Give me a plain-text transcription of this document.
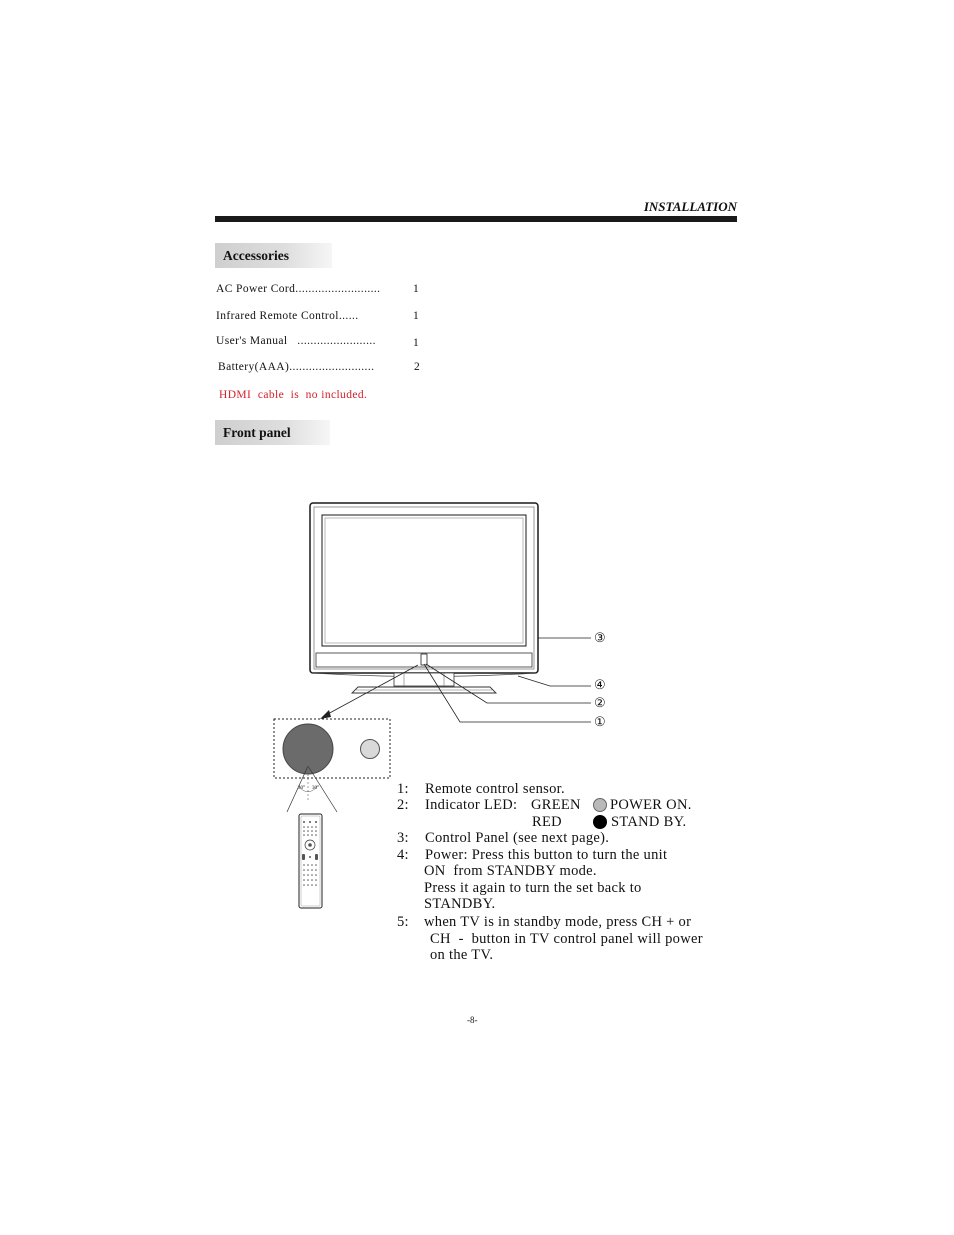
INSTALLATION
Accessories
AC Power Cord..........................	1
Infrared Remote Control......	1
User's Manual   ........................	1
Battery(AAA)..........................	2
HDMI  cable  is  no included.
Front panel
30° 30°
③
④
②
①
1: Remote control sensor.
2: Indicator LED: GREEN POWER ON.
RED	STAND BY.
3: Control Panel (see next page).
4: Power: Press this button to turn the unit
ON  from STANDBY mode.
Press it again to turn the set back to
STANDBY.
5: when TV is in standby mode, press CH + or
CH  -  button in TV control panel will power
on the TV.
-8-
